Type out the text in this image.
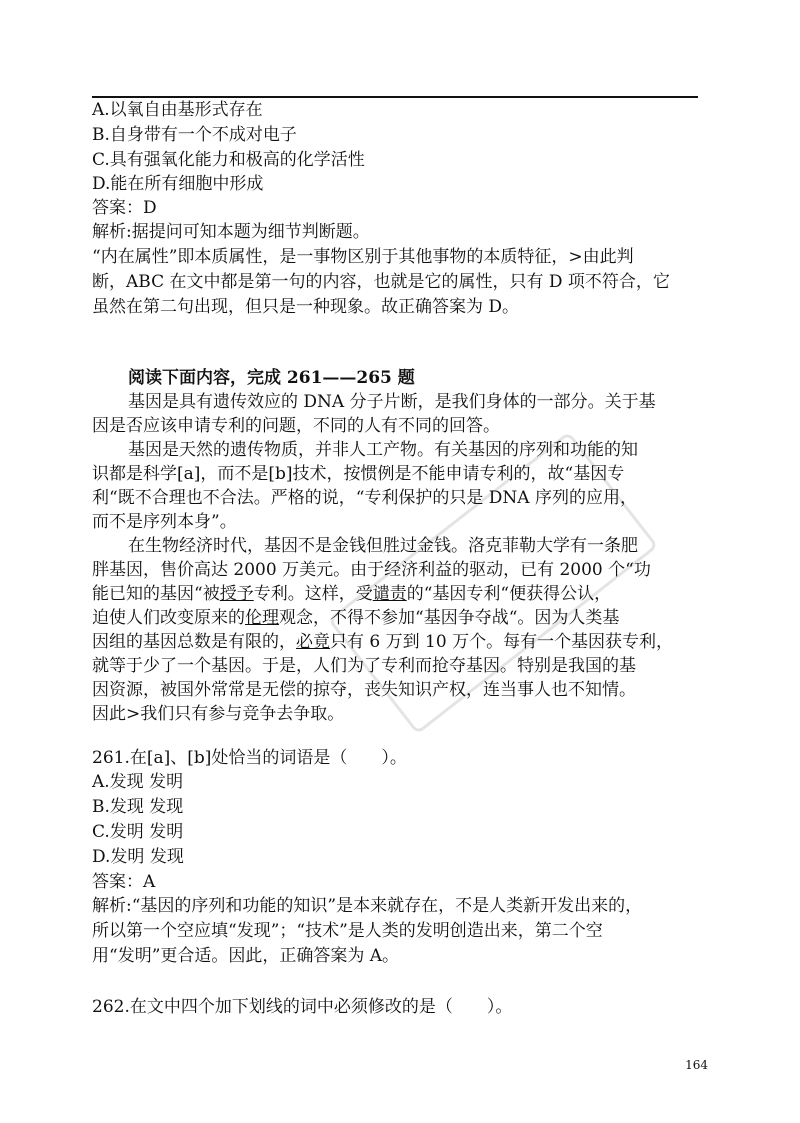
A.以氧自由基形式存在
B.自身带有一个不成对电子
C.具有强氧化能力和极高的化学活性
D.能在所有细胞中形成
答案：D
解析:据提问可知本题为细节判断题。
“内在属性”即本质属性，是一事物区别于其他事物的本质特征，>由此判
断，ABC 在文中都是第一句的内容，也就是它的属性，只有 D 项不符合，它
虽然在第二句出现，但只是一种现象。故正确答案为 D。
阅读下面内容，完成 261——265 题
基因是具有遗传效应的 DNA 分子片断，是我们身体的一部分。关于基
因是否应该申请专利的问题，不同的人有不同的回答。
基因是天然的遗传物质，并非人工产物。有关基因的序列和功能的知
识都是科学[a]，而不是[b]技术，按惯例是不能申请专利的，故“基因专
利“既不合理也不合法。严格的说，“专利保护的只是 DNA 序列的应用，
而不是序列本身”。
在生物经济时代，基因不是金钱但胜过金钱。洛克菲勒大学有一条肥
胖基因，售价高达 2000 万美元。由于经济利益的驱动，已有 2000 个“功
能已知的基因“被授予专利。这样，受谴责的“基因专利“便获得公认，
迫使人们改变原来的伦理观念，不得不参加“基因争夺战“。因为人类基
因组的基因总数是有限的，必竟只有 6 万到 10 万个。每有一个基因获专利，
就等于少了一个基因。于是，人们为了专利而抢夺基因。特别是我国的基
因资源，被国外常常是无偿的掠夺，丧失知识产权，连当事人也不知情。
因此>我们只有参与竞争去争取。
261.在[a]、[b]处恰当的词语是（　　）。
A.发现 发明
B.发现 发现
C.发明 发明
D.发明 发现
答案：A
解析:“基因的序列和功能的知识”是本来就存在，不是人类新开发出来的，
所以第一个空应填“发现”；“技术”是人类的发明创造出来，第二个空
用“发明”更合适。因此，正确答案为 A。
262.在文中四个加下划线的词中必须修改的是（　　）。
164
